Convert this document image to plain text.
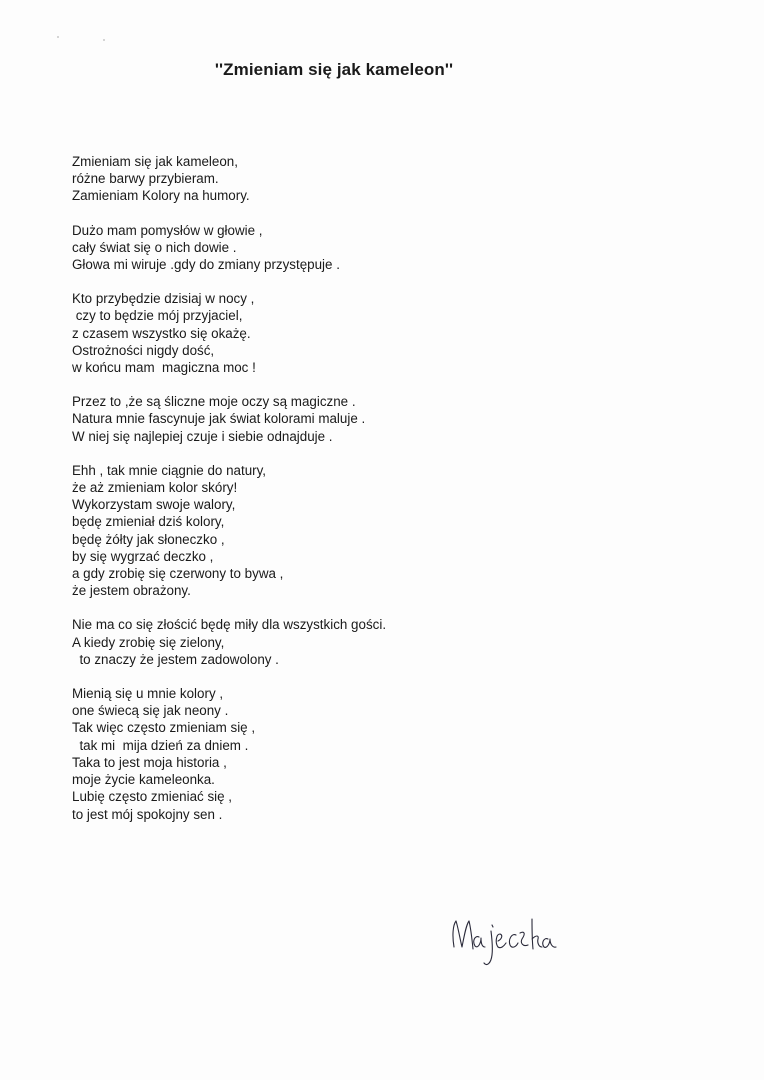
''Zmieniam się jak kameleon''
Zmieniam się jak kameleon,
różne barwy przybieram.
Zamieniam Kolory na humory.
Dużo mam pomysłów w głowie ,
cały świat się o nich dowie .
Głowa mi wiruje .gdy do zmiany przystępuje .
Kto przybędzie dzisiaj w nocy ,
czy to będzie mój przyjaciel,
z czasem wszystko się okażę.
Ostrożności nigdy dość,
w końcu mam  magiczna moc !
Przez to ,że są śliczne moje oczy są magiczne .
Natura mnie fascynuje jak świat kolorami maluje .
W niej się najlepiej czuje i siebie odnajduje .
Ehh , tak mnie ciągnie do natury,
że aż zmieniam kolor skóry!
Wykorzystam swoje walory,
będę zmieniał dziś kolory,
będę żółty jak słoneczko ,
by się wygrzać deczko ,
a gdy zrobię się czerwony to bywa ,
że jestem obrażony.
Nie ma co się złościć będę miły dla wszystkich gości.
A kiedy zrobię się zielony,
to znaczy że jestem zadowolony .
Mienią się u mnie kolory ,
one świecą się jak neony .
Tak więc często zmieniam się ,
tak mi  mija dzień za dniem .
Taka to jest moja historia ,
moje życie kameleonka.
Lubię często zmieniać się ,
to jest mój spokojny sen .
